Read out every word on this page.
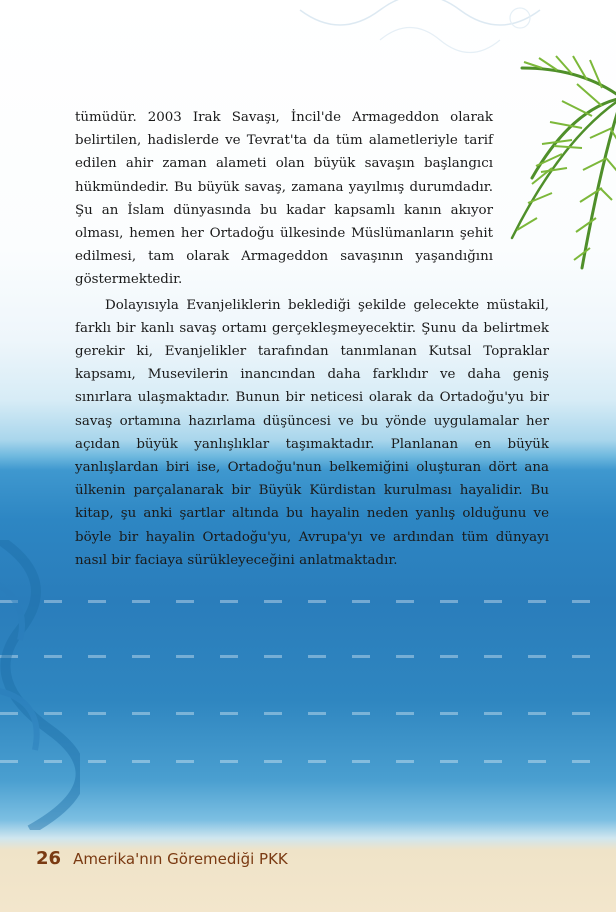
tümüdür. 2003 Irak Savaşı, İncil'de Armageddon olarak belirtilen, hadislerde ve Tevrat'ta da tüm alametleriyle tarif edilen ahir zaman alameti olan büyük savaşın başlangıcı hükmündedir. Bu büyük savaş, zamana yayılmış durumdadır. Şu an İslam dünyasında bu kadar kapsamlı kanın akıyor olması, hemen her Ortadoğu ülkesinde Müslümanların şehit edilmesi, tam olarak Armageddon savaşının yaşandığını göstermektedir.

Dolayısıyla Evanjeliklerin beklediği şekilde gelecekte müstakil, farklı bir kanlı savaş ortamı gerçekleşmeyecektir. Şunu da belirtmek gerekir ki, Evanjelikler tarafından tanımlanan Kutsal Topraklar kapsamı, Musevilerin inancından daha farklıdır ve daha geniş sınırlara ulaşmaktadır. Bunun bir neticesi olarak da Ortadoğu'yu bir savaş ortamına hazırlama düşüncesi ve bu yönde uygulamalar her açıdan büyük yanlışlıklar taşımaktadır. Planlanan en büyük yanlışlardan biri ise, Ortadoğu'nun belkemiğini oluşturan dört ana ülkenin parçalanarak bir Büyük Kürdistan kurulması hayalidir. Bu kitap, şu anki şartlar altında bu hayalin neden yanlış olduğunu ve böyle bir hayalin Ortadoğu'yu, Avrupa'yı ve ardından tüm dünyayı nasıl bir faciaya sürükleyeceğini anlatmaktadır.

26 Amerika'nın Göremediği PKK
